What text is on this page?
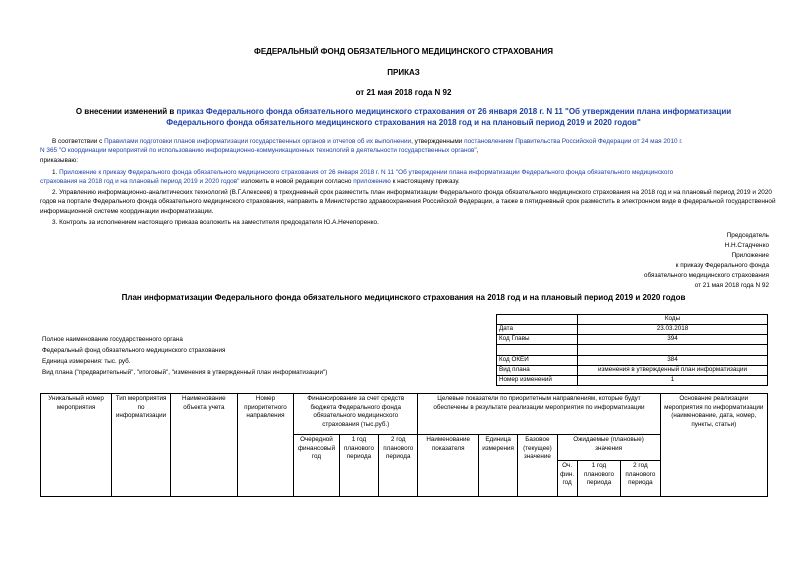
ФЕДЕРАЛЬНЫЙ ФОНД ОБЯЗАТЕЛЬНОГО МЕДИЦИНСКОГО СТРАХОВАНИЯ
ПРИКАЗ
от 21 мая 2018 года N 92
О внесении изменений в приказ Федерального фонда обязательного медицинского страхования от 26 января 2018 г. N 11 "Об утверждении плана информатизации
Федерального фонда обязательного медицинского страхования на 2018 год и на плановый период 2019 и 2020 годов"
В соответствии с Правилами подготовки планов информатизации государственных органов и отчетов об их выполнении, утвержденными постановлением Правительства Российской Федерации от 24 мая 2010 г.
N 365 "О координации мероприятий по использованию информационно-коммуникационных технологий в деятельности государственных органов",
приказываю:
1. Приложение к приказу Федерального фонда обязательного медицинского страхования от 26 января 2018 г. N 11 "Об утверждении плана информатизации Федерального фонда обязательного медицинского
страхования на 2018 год и на плановый период 2019 и 2020 годов" изложить в новой редакции согласно приложению к настоящему приказу.
2. Управлению информационно-аналитических технологий (В.Г.Алексеев) в трехдневный срок разместить план информатизации Федерального фонда обязательного медицинского страхования на 2018 год и на плановый период 2019 и 2020 годов на портале Федерального фонда обязательного медицинского страхования, направить в Министерство здравоохранения Российской Федерации, а также в пятидневный срок разместить в электронном виде в федеральной государственной информационной системе координации информатизации.
3. Контроль за исполнением настоящего приказа возложить на заместителя председателя Ю.А.Нечепоренко.
Председатель
Н.Н.Стадченко
Приложение
к приказу Федерального фонда
обязательного медицинского страхования
от 21 мая 2018 года N 92
План информатизации Федерального фонда обязательного медицинского страхования на 2018 год и на плановый период 2019 и 2020 годов
Полное наименование государственного органа
Федеральный фонд обязательного медицинского страхования
Единица измерения: тыс. руб.
Вид плана ("предварительный", "итоговый", "изменения в утвержденный план информатизации")
	Коды
Дата	23.03.2018
Код Главы	394

Код ОКЕИ	384
Вид плана	изменения в утвержденный план информатизации
Номер изменений	1
Уникальный номер мероприятия	Тип мероприятия по информатизации	Наименование объекта учета	Номер приоритетного направления	Финансирование за счет средств бюджета Федерального фонда обязательного медицинского страхования (тыс.руб.)			Целевые показатели по приоритетным направлениям, которые будут обеспечены в результате реализации мероприятия по информатизации						Основание реализации мероприятия по информатизации (наименование, дата, номер, пункты, статьи)
				Очередной финансовый год	1 год планового периода	2 год планового периода	Наименование показателя	Единица измерения	Базовое (текущее) значение	Ожидаемые (плановые) значения			
										Оч. фин. год	1 год планового периода	2 год планового периода	
